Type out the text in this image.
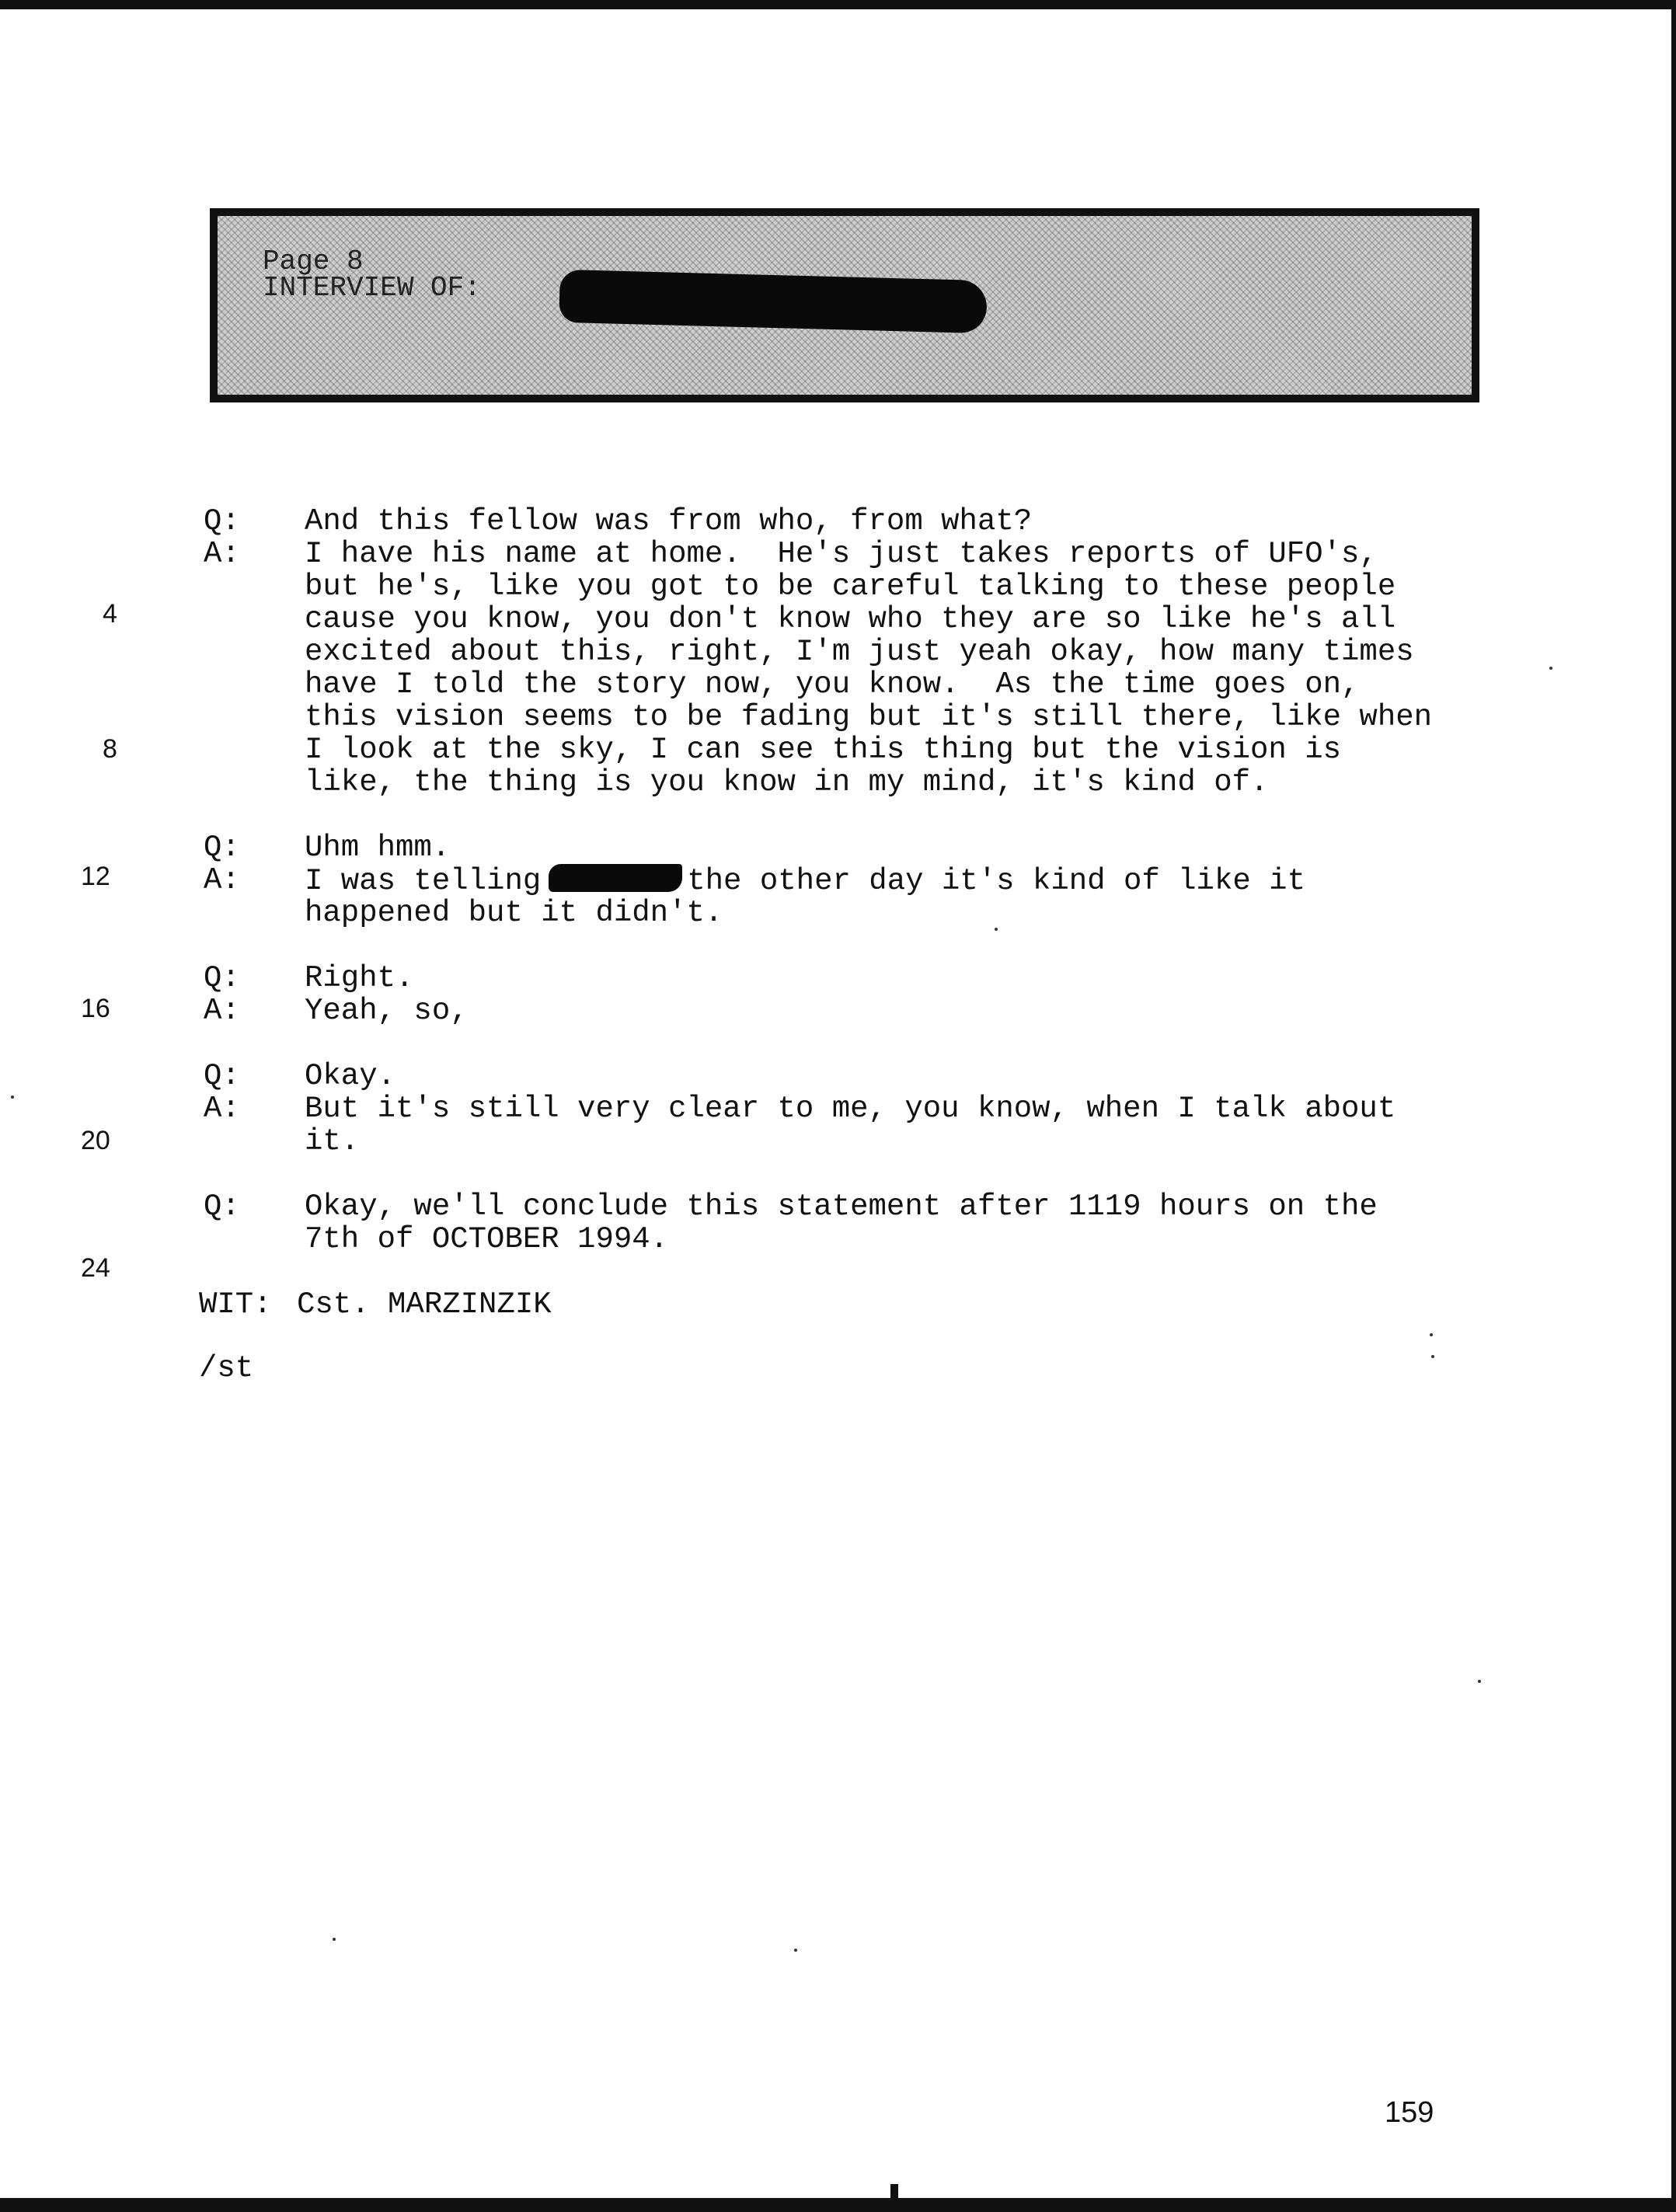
Page 8
INTERVIEW OF:
Q: And this fellow was from who, from what?
A: I have his name at home.  He's just takes reports of UFO's,
but he's, like you got to be careful talking to these people
cause you know, you don't know who they are so like he's all
excited about this, right, I'm just yeah okay, how many times
have I told the story now, you know.  As the time goes on,
this vision seems to be fading but it's still there, like when
I look at the sky, I can see this thing but the vision is
like, the thing is you know in my mind, it's kind of.
Q: Uhm hmm.
A: I was telling	the other day it's kind of like it
happened but it didn't.
Q: Right.
A: Yeah, so,
Q: Okay.
A: But it's still very clear to me, you know, when I talk about
it.
Q: Okay, we'll conclude this statement after 1119 hours on the
7th of OCTOBER 1994.
WIT: Cst. MARZINZIK
/st
4
8
12
16
20
24
159
